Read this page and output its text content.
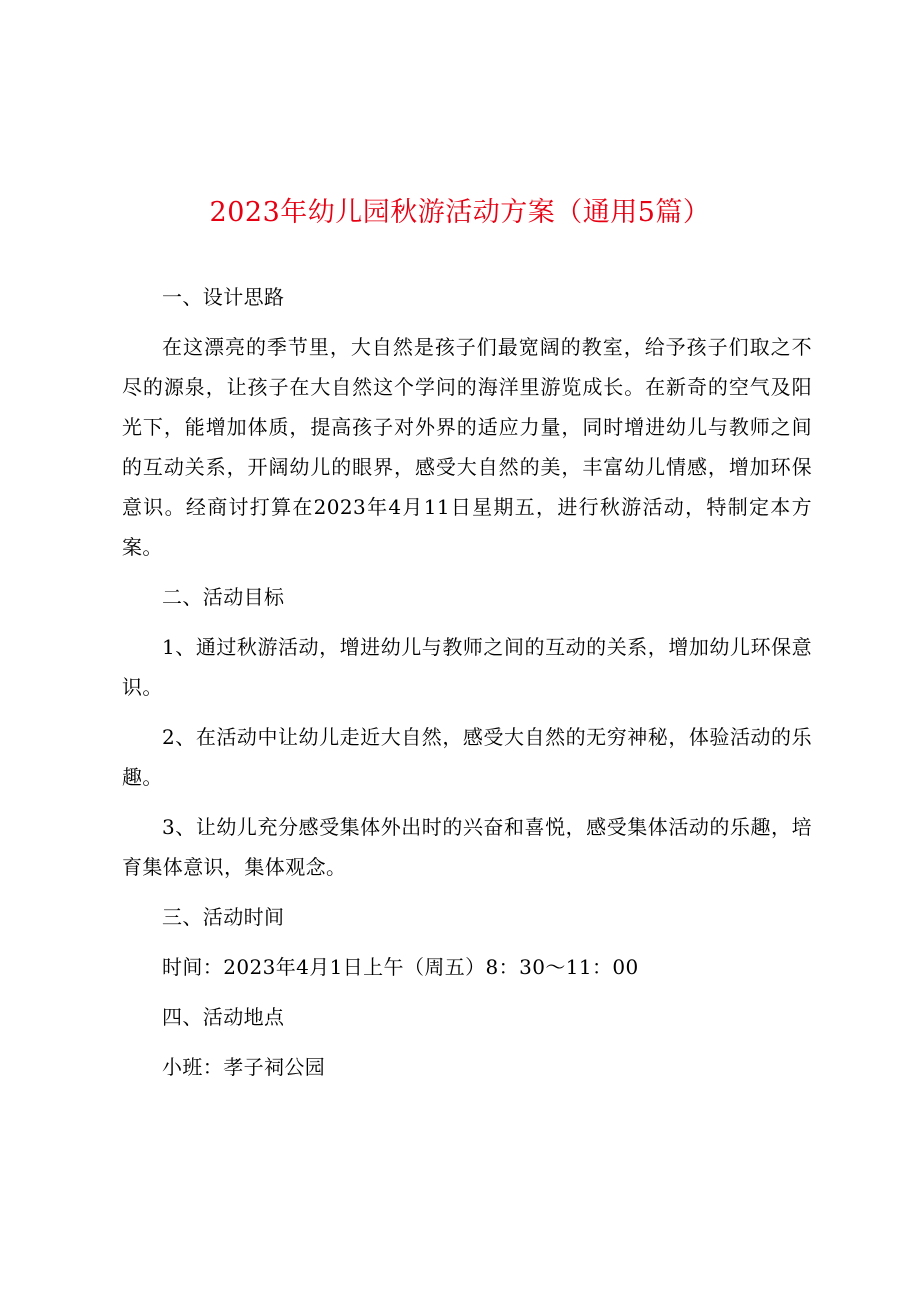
2023年幼儿园秋游活动方案（通用5篇）

一、设计思路

在这漂亮的季节里，大自然是孩子们最宽阔的教室，给予孩子们取之不尽的源泉，让孩子在大自然这个学问的海洋里游览成长。在新奇的空气及阳光下，能增加体质，提高孩子对外界的适应力量，同时增进幼儿与教师之间的互动关系，开阔幼儿的眼界，感受大自然的美，丰富幼儿情感，增加环保意识。经商讨打算在2023年4月11日星期五，进行秋游活动，特制定本方案。

二、活动目标

1、通过秋游活动，增进幼儿与教师之间的互动的关系，增加幼儿环保意识。

2、在活动中让幼儿走近大自然，感受大自然的无穷神秘，体验活动的乐趣。

3、让幼儿充分感受集体外出时的兴奋和喜悦，感受集体活动的乐趣，培育集体意识，集体观念。

三、活动时间

时间：2023年4月1日上午（周五）8：30～11：00

四、活动地点

小班：孝子祠公园
